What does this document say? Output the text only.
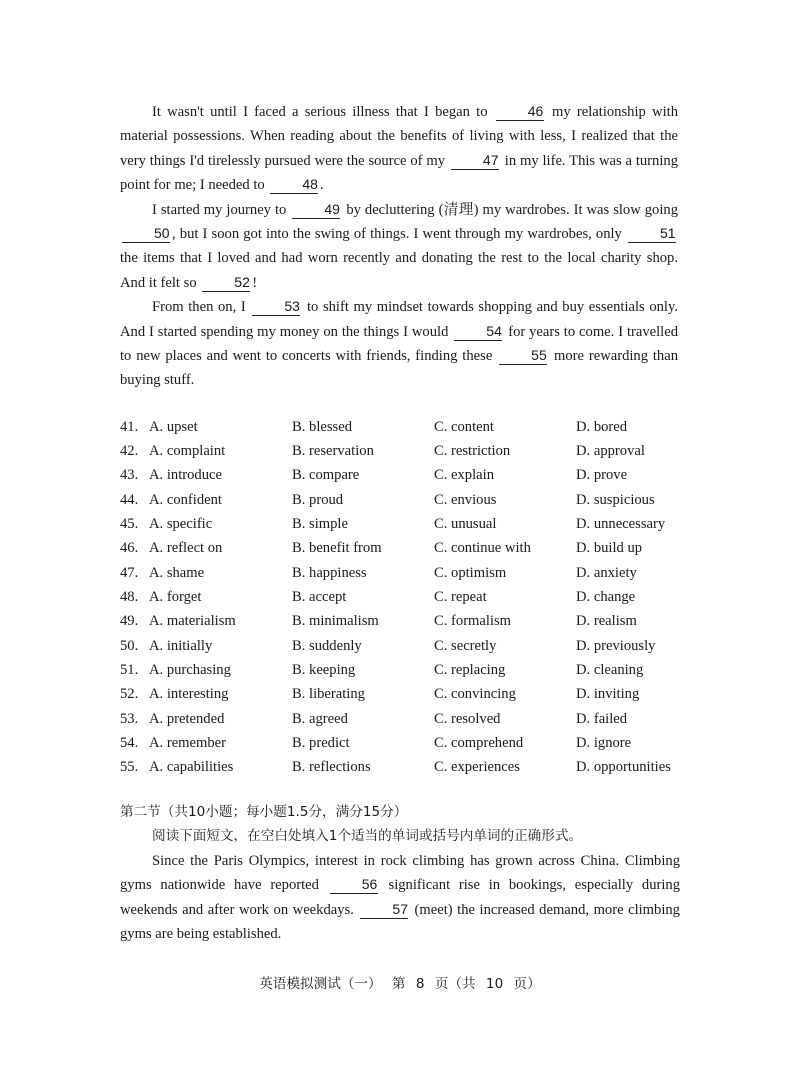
It wasn't until I faced a serious illness that I began to	46 my relationship with material possessions. When reading about the benefits of living with less, I realized that the very things I'd tirelessly pursued were the source of my	47 in my life. This was a turning point for me; I needed to	48 .

I started my journey to	49 by decluttering (清理) my wardrobes. It was slow going 50 , but I soon got into the swing of things. I went through my wardrobes, only	51 the items that I loved and had worn recently and donating the rest to the local charity shop. And it felt so	52 !

From then on, I	53 to shift my mindset towards shopping and buy essentials only. And I started spending my money on the things I would	54 for years to come. I travelled to new places and went to concerts with friends, finding these	55 more rewarding than buying stuff.

41. A. upset	B. blessed	C. content	D. bored
42. A. complaint	B. reservation	C. restriction	D. approval
43. A. introduce	B. compare	C. explain	D. prove
44. A. confident	B. proud	C. envious	D. suspicious
45. A. specific	B. simple	C. unusual	D. unnecessary
46. A. reflect on	B. benefit from	C. continue with	D. build up
47. A. shame	B. happiness	C. optimism	D. anxiety
48. A. forget	B. accept	C. repeat	D. change
49. A. materialism	B. minimalism	C. formalism	D. realism
50. A. initially	B. suddenly	C. secretly	D. previously
51. A. purchasing	B. keeping	C. replacing	D. cleaning
52. A. interesting	B. liberating	C. convincing	D. inviting
53. A. pretended	B. agreed	C. resolved	D. failed
54. A. remember	B. predict	C. comprehend	D. ignore
55. A. capabilities	B. reflections	C. experiences	D. opportunities

第二节（共10小题；每小题1.5分，满分15分）

阅读下面短文，在空白处填入1个适当的单词或括号内单词的正确形式。

Since the Paris Olympics, interest in rock climbing has grown across China. Climbing gyms nationwide have reported	56 significant rise in bookings, especially during weekends and after work on weekdays.	57 (meet) the increased demand, more climbing gyms are being established.

英语模拟测试（一） 第 8 页（共 10 页）
